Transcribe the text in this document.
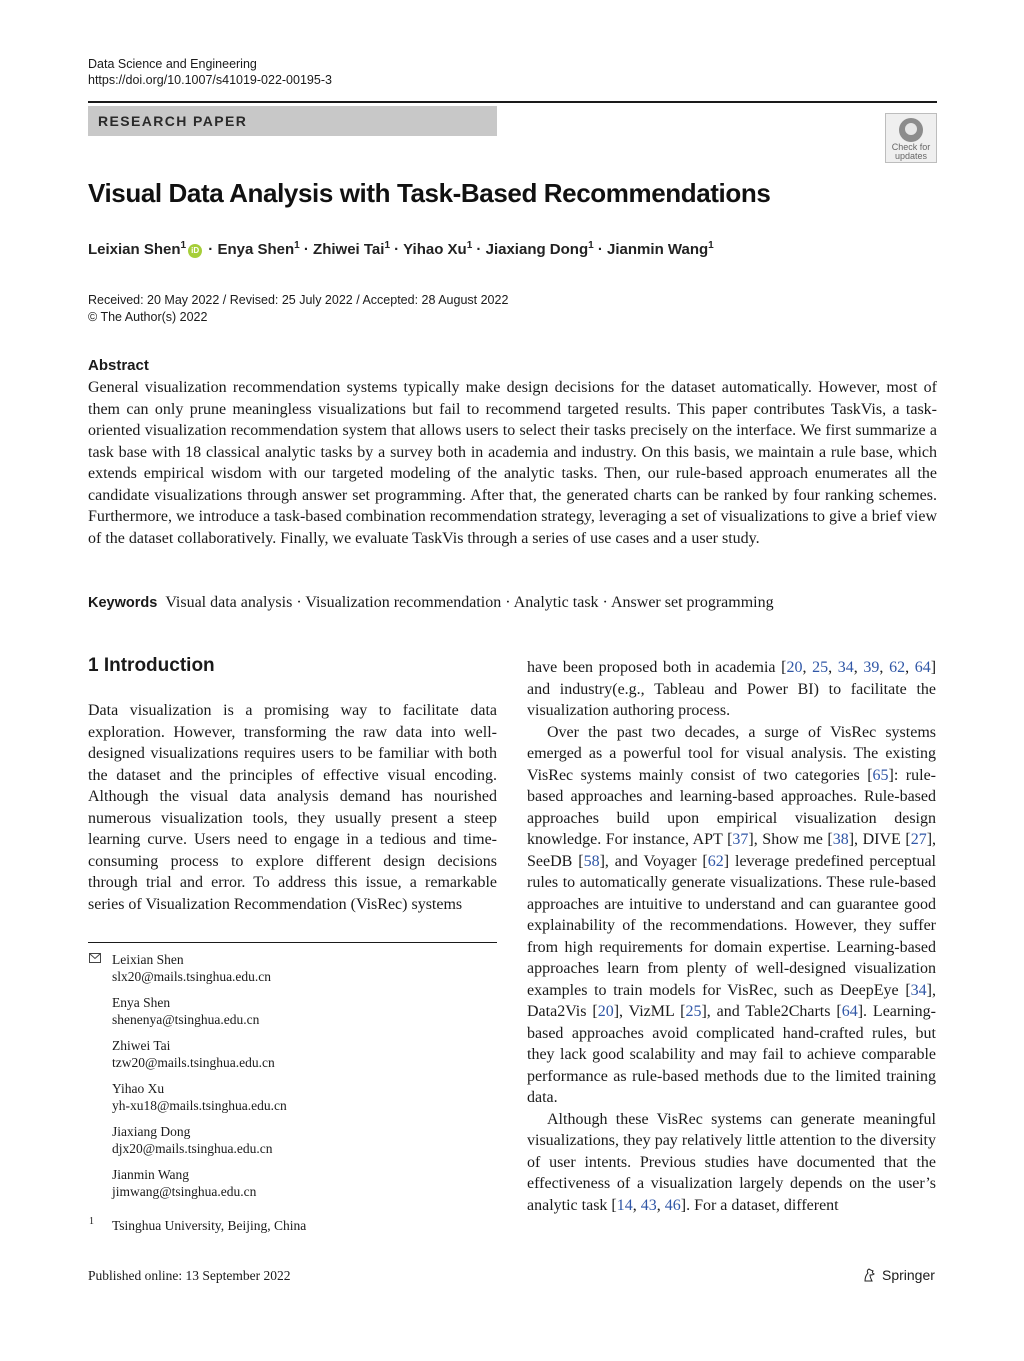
Data Science and Engineering
https://doi.org/10.1007/s41019-022-00195-3
RESEARCH PAPER
Check for updates
Visual Data Analysis with Task-Based Recommendations
Leixian Shen$^1$ iD · Enya Shen$^1$ · Zhiwei Tai$^1$ · Yihao $Xu^1$ · Jiaxiang Dong$^1$ · Jianmin Wang$^1$
Received: 20 May 2022 / Revised: 25 July 2022 / Accepted: 28 August 2022
© The Author(s) 2022
Abstract
General visualization recommendation systems typically make design decisions for the dataset automatically. However, most of them can only prune meaningless visualizations but fail to recommend targeted results. This paper contributes TaskVis, a task-oriented visualization recommendation system that allows users to select their tasks precisely on the interface. We first summarize a task base with 18 classical analytic tasks by a survey both in academia and industry. On this basis, we maintain a rule base, which extends empirical wisdom with our targeted modeling of the analytic tasks. Then, our rule-based approach enumerates all the candidate visualizations through answer set programming. After that, the generated charts can be ranked by four ranking schemes. Furthermore, we introduce a task-based combination recommendation strategy, leveraging a set of visualizations to give a brief view of the dataset collaboratively. Finally, we evaluate TaskVis through a series of use cases and a user study.
Keywords Visual data analysis · Visualization recommendation · Analytic task · Answer set programming
1 Introduction

Data visualization is a promising way to facilitate data exploration. However, transforming the raw data into well-designed visualizations requires users to be familiar with both the dataset and the principles of effective visual encoding. Although the visual data analysis demand has nourished numerous visualization tools, they usually present a steep learning curve. Users need to engage in a tedious and time-consuming process to explore different design decisions through trial and error. To address this issue, a remarkable series of Visualization Recommendation (VisRec) systems

have been proposed both in academia [20, 25, 34, 39, 62, 64] and industry(e.g., Tableau and Power BI) to facilitate the visualization authoring process.

Over the past two decades, a surge of VisRec systems emerged as a powerful tool for visual analysis. The existing VisRec systems mainly consist of two categories [65]: rule-based approaches and learning-based approaches. Rule-based approaches build upon empirical visualization design knowledge. For instance, APT [37], Show me [38], DIVE [27], SeeDB [58], and Voyager [62] leverage predefined perceptual rules to automatically generate visualizations. These rule-based approaches are intuitive to understand and can guarantee good explainability of the recommendations. However, they suffer from high requirements for domain expertise. Learning-based approaches learn from plenty of well-designed visualization examples to train models for VisRec, such as DeepEye [34], Data2Vis [20], VizML [25], and Table2Charts [64]. Learning-based approaches avoid complicated hand-crafted rules, but they lack good scalability and may fail to achieve comparable performance as rule-based methods due to the limited training data.

Although these VisRec systems can generate meaningful visualizations, they pay relatively little attention to the diversity of user intents. Previous studies have documented that the effectiveness of a visualization largely depends on the user’s analytic task [14, 43, 46]. For a dataset, different

Leixian Shen
slx20@mails.tsinghua.edu.cn
Enya Shen
shenenya@tsinghua.edu.cn
Zhiwei Tai
tzw20@mails.tsinghua.edu.cn
Yihao Xu
yh-xu18@mails.tsinghua.edu.cn
Jiaxiang Dong
djx20@mails.tsinghua.edu.cn
Jianmin Wang
jimwang@tsinghua.edu.cn
1 Tsinghua University, Beijing, China
Published online: 13 September 2022	Springer
